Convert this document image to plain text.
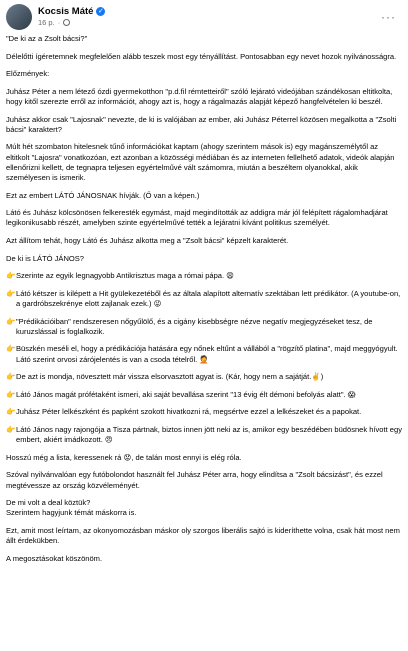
Kocsis Máté ✓
16 p. ·	···

"De ki az a Zsolt bácsi?"

Délelőtti ígéretemnek megfelelően alább teszek most egy tényállítást. Pontosabban egy nevet hozok nyilvánosságra.

Előzmények:

Juhász Péter a nem létező ózdi gyermekotthon "p.d.fil rémtetteiről" szóló lejárató videójában szándékosan eltitkolta, hogy kitől szerezte erről az információt, ahogy azt is, hogy a rágalmazás alapját képező hangfelvételen ki beszél.

Juhász akkor csak "Lajosnak" nevezte, de ki is valójában az ember, aki Juhász Péterrel közösen megalkotta a "Zsolti bácsi" karaktert?

Múlt hét szombaton hitelesnek tűnő információkat kaptam (ahogy szerintem mások is) egy magánszemélytől az eltitkolt "Lajosra" vonatkozóan, ezt azonban a közösségi médiában és az interneten fellelhető adatok, videók alapján ellenőrizni kellett, de tegnapra teljesen egyértelművé vált számomra, miután a beszéltem olyanokkal, akik személyesen is ismerik.

Ezt az embert LÁTÓ JÁNOSNAK hívják. (Ő van a képen.)

Látó és Juhász kölcsönösen felkeresték egymást, majd megindították az addigra már jól felépített rágalomhadjárat legikonikusabb részét, amelyben szinte egyértelművé tették a lejáratni kívánt politikus személyét.

Azt állítom tehát, hogy Látó és Juhász alkotta meg a "Zsolt bácsi" képzelt karakterét.

De ki is LÁTÓ JÁNOS?

👉 Szerinte az egyik legnagyobb Antikrisztus maga a római pápa. 😩
👉 Látó kétszer is kilépett a Hit gyülekezetéből és az általa alapított alternatív szektában lett prédikátor. (A youtube-on, a gardróbszekrénye elott zajlanak ezek.) 😜
👉 "Prédikációiban" rendszeresen nőgyűlölő, és a cigány kisebbségre nézve negatív megjegyzéseket tesz, de kuruzslással is foglalkozik.
👉 Büszkén meséli el, hogy a prédikációja hatására egy nőnek eltűnt a vállából a "rögzítő platina", majd meggyógyult. Látó szerint orvosi zárójelentés is van a csoda tételről. 🤦
👉 De azt is mondja, növesztett már vissza elsorvasztott agyat is. (Kár, hogy nem a sajátját.✌️)
👉 Látó János magát prófétaként ismeri, aki saját bevallása szerint "13 évig élt démoni befolyás alatt". 😱
👉 Juhász Péter lelkészként és papként szokott hivatkozni rá, megsértve ezzel a lelkészeket és a papokat.
👉 Látó János nagy rajongója a Tisza pártnak, biztos innen jött neki az is, amikor egy beszédében büdösnek hívott egy embert, akiért imádkozott. 😠

Hosszú még a lista, keressenek rá 😟, de talán most ennyi is elég róla.

Szóval nyilvánvalóan egy futóbolondot használt fel Juhász Péter arra, hogy elindítsa a "Zsolt bácsizást", és ezzel megtévessze az ország közvéleményét.

De mi volt a deal köztük?
Szerintem hagyjunk témát máskorra is.

Ezt, amit most leírtam, az okonyomozásban máskor oly szorgos liberális sajtó is kideríthette volna, csak hát most nem állt érdekükben.

A megosztásokat köszönöm.
